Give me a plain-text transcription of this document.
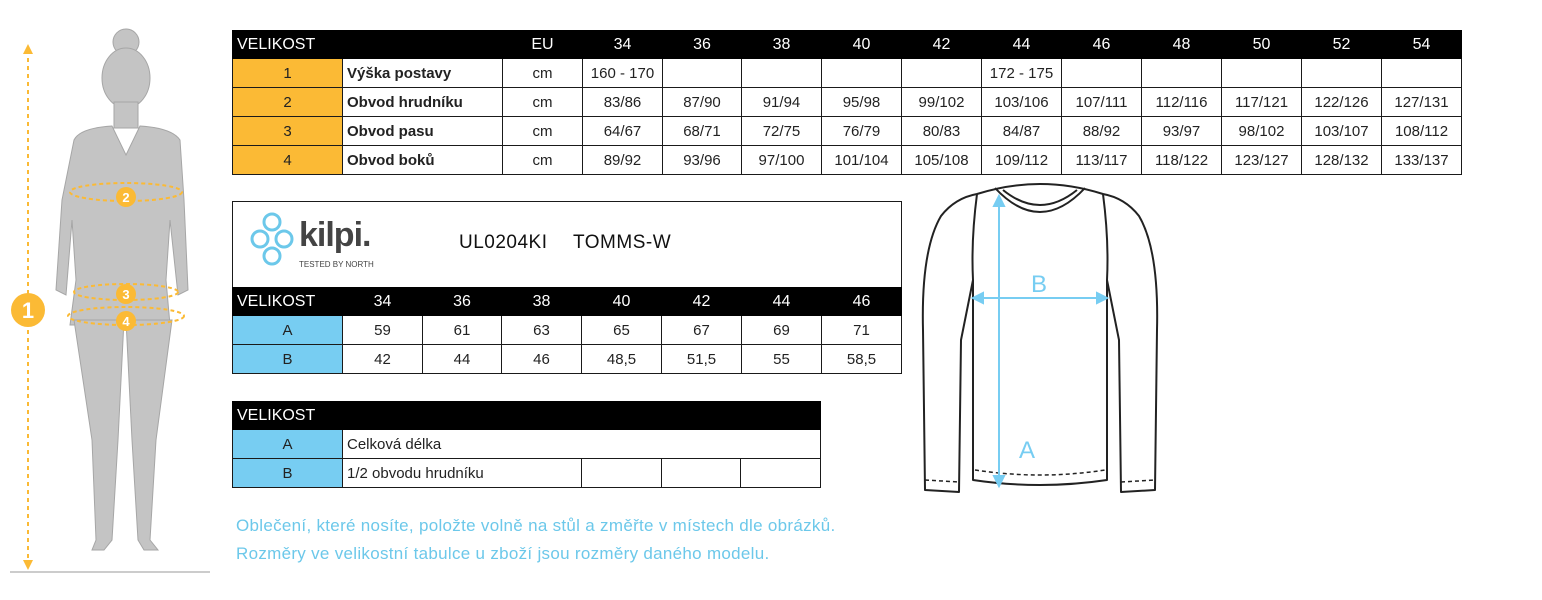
2
3
4
1
VELIKOST		EU	34	36	38	40	42	44	46	48	50	52	54
1	Výška postavy	cm	160 - 170					172 - 175					
2	Obvod hrudníku	cm	83/86	87/90	91/94	95/98	99/102	103/106	107/111	112/116	117/121	122/126	127/131
3	Obvod pasu	cm	64/67	68/71	72/75	76/79	80/83	84/87	88/92	93/97	98/102	103/107	108/112
4	Obvod boků	cm	89/92	93/96	97/100	101/104	105/108	109/112	113/117	118/122	123/127	128/132	133/137
kilpi.
TESTED BY NORTH
UL0204KI TOMMS-W
VELIKOST	34	36	38	40	42	44	46
A	59	61	63	65	67	69	71
B	42	44	46	48,5	51,5	55	58,5
VELIKOST				
A	Celková délka			
B	1/2 obvodu hrudníku			
Oblečení, které nosíte, položte volně na stůl a změřte v místech dle obrázků.
Rozměry ve velikostní tabulce u zboží jsou rozměry daného modelu.
A
B
